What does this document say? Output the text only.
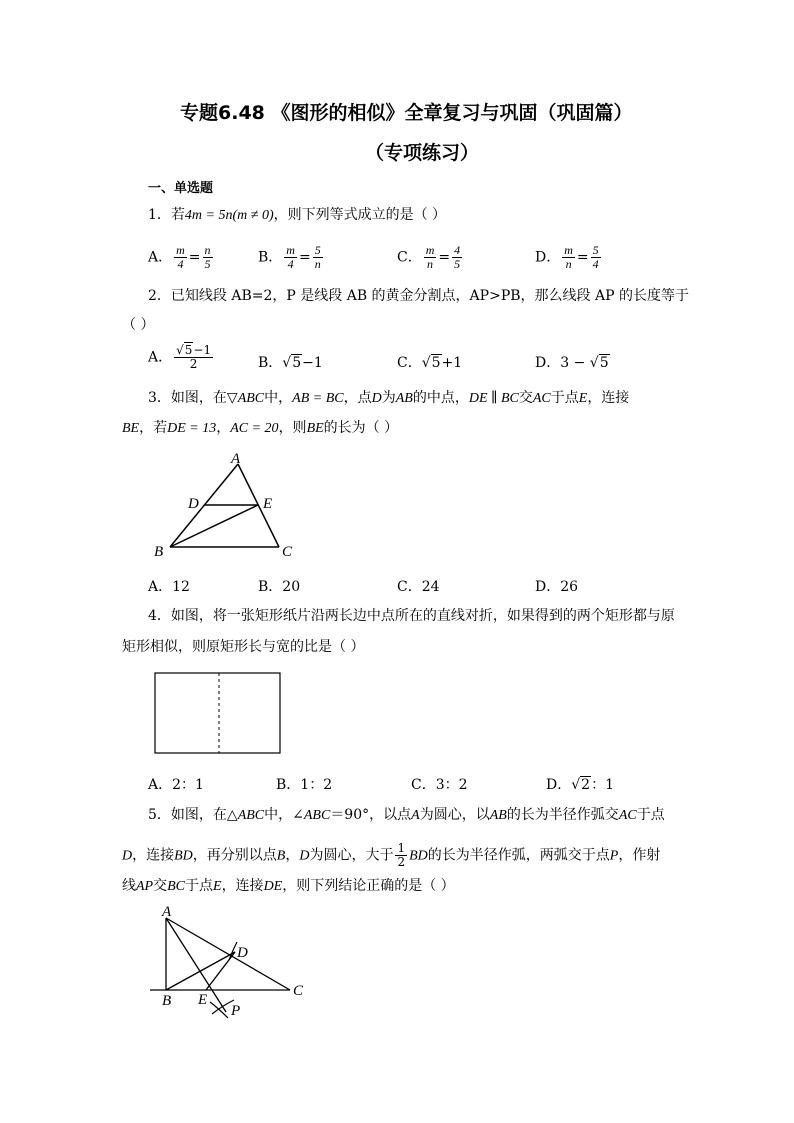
专题6.48 《图形的相似》全章复习与巩固（巩固篇）
（专项练习）
一、单选题
1．若4m = 5n(m ≠ 0)，则下列等式成立的是（ ）
A． $\frac{m}{4} = \frac{n}{5}$	B． $\frac{m}{4} = \frac{5}{n}$	C． $\frac{m}{n} = \frac{4}{5}$	D． $\frac{m}{n} = \frac{5}{4}$
2．已知线段 AB=2，P 是线段 AB 的黄金分割点，AP>PB，那么线段 AP 的长度等于
（ ）
A． $\frac{√5-1}{2}$	B．√5−1	C．√5+1	D．3 − √5
3．如图，在▽ABC中，AB = BC，点D为AB的中点，DE ∥ BC交AC于点E，连接
BE，若DE = 13，AC = 20，则BE的长为（ ）
A
D	E
B	C
A．12	B．20	C．24	D．26
4．如图，将一张矩形纸片沿两长边中点所在的直线对折，如果得到的两个矩形都与原
矩形相似，则原矩形长与宽的比是（ ）
A．2：1	B．1：2	C．3：2	D．√2：1
5．如图，在△ABC中，∠ABC＝90°，以点A为圆心，以AB的长为半径作弧交AC于点
D，连接BD，再分别以点B，D为圆心，大于 $\frac{1}{2}$ BD的长为半径作弧，两弧交于点P，作射
线AP交BC于点E，连接DE，则下列结论正确的是（ ）
A
B
C
D
E
P
